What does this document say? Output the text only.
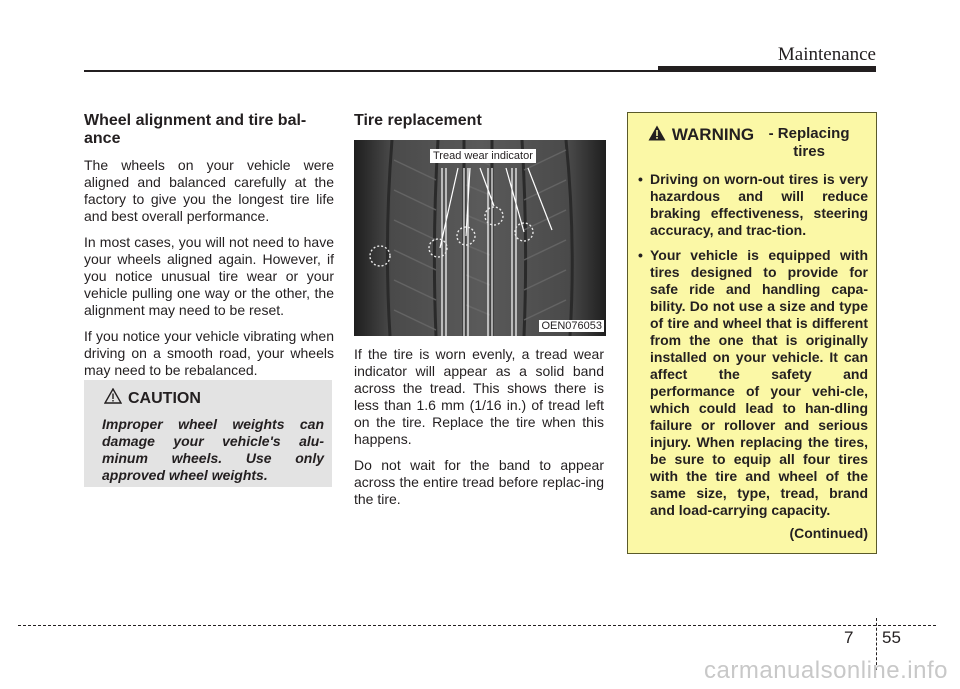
Maintenance
Wheel alignment and tire bal-ance

The wheels on your vehicle were aligned and balanced carefully at the factory to give you the longest tire life and best overall performance.

In most cases, you will not need to have your wheels aligned again. However, if you notice unusual tire wear or your vehicle pulling one way or the other, the alignment may need to be reset.

If you notice your vehicle vibrating when driving on a smooth road, your wheels may need to be rebalanced.

CAUTION
Improper wheel weights can damage your vehicle's alu-minum wheels. Use only approved wheel weights.
Tire replacement
Tread wear indicator
OEN076053

If the tire is worn evenly, a tread wear indicator will appear as a solid band across the tread. This shows there is less than 1.6 mm (1/16 in.) of tread left on the tire. Replace the tire when this happens.

Do not wait for the band to appear across the entire tread before replac-ing the tire.

WARNING - Replacing tires
• Driving on worn-out tires is very hazardous and will reduce braking effectiveness, steering accuracy, and trac-tion.
• Your vehicle is equipped with tires designed to provide for safe ride and handling capa-bility. Do not use a size and type of tire and wheel that is different from the one that is originally installed on your vehicle. It can affect the safety and performance of your vehi-cle, which could lead to han-dling failure or rollover and serious injury. When replacing the tires, be sure to equip all four tires with the tire and wheel of the same size, type, tread, brand and load-carrying capacity.
(Continued)
7 55
carmanualsonline.info
